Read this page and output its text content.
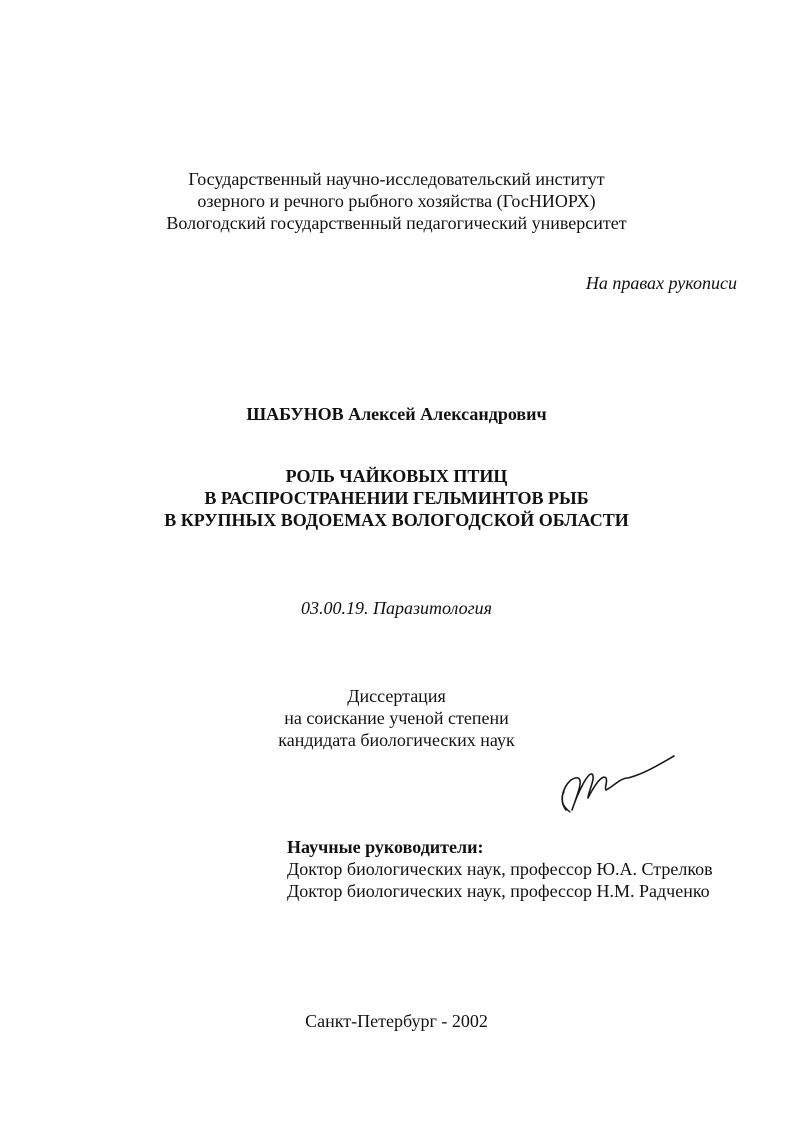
Государственный научно-исследовательский институт
озерного и речного рыбного хозяйства (ГосНИОРХ)
Вологодский государственный педагогический университет
На правах рукописи
ШАБУНОВ Алексей Александрович
РОЛЬ ЧАЙКОВЫХ ПТИЦ
В РАСПРОСТРАНЕНИИ ГЕЛЬМИНТОВ РЫБ
В КРУПНЫХ ВОДОЕМАХ ВОЛОГОДСКОЙ ОБЛАСТИ
03.00.19. Паразитология
Диссертация
на соискание ученой степени
кандидата биологических наук
Научные руководители:
Доктор биологических наук, профессор Ю.А. Стрелков
Доктор биологических наук, профессор Н.М. Радченко
Санкт-Петербург - 2002
